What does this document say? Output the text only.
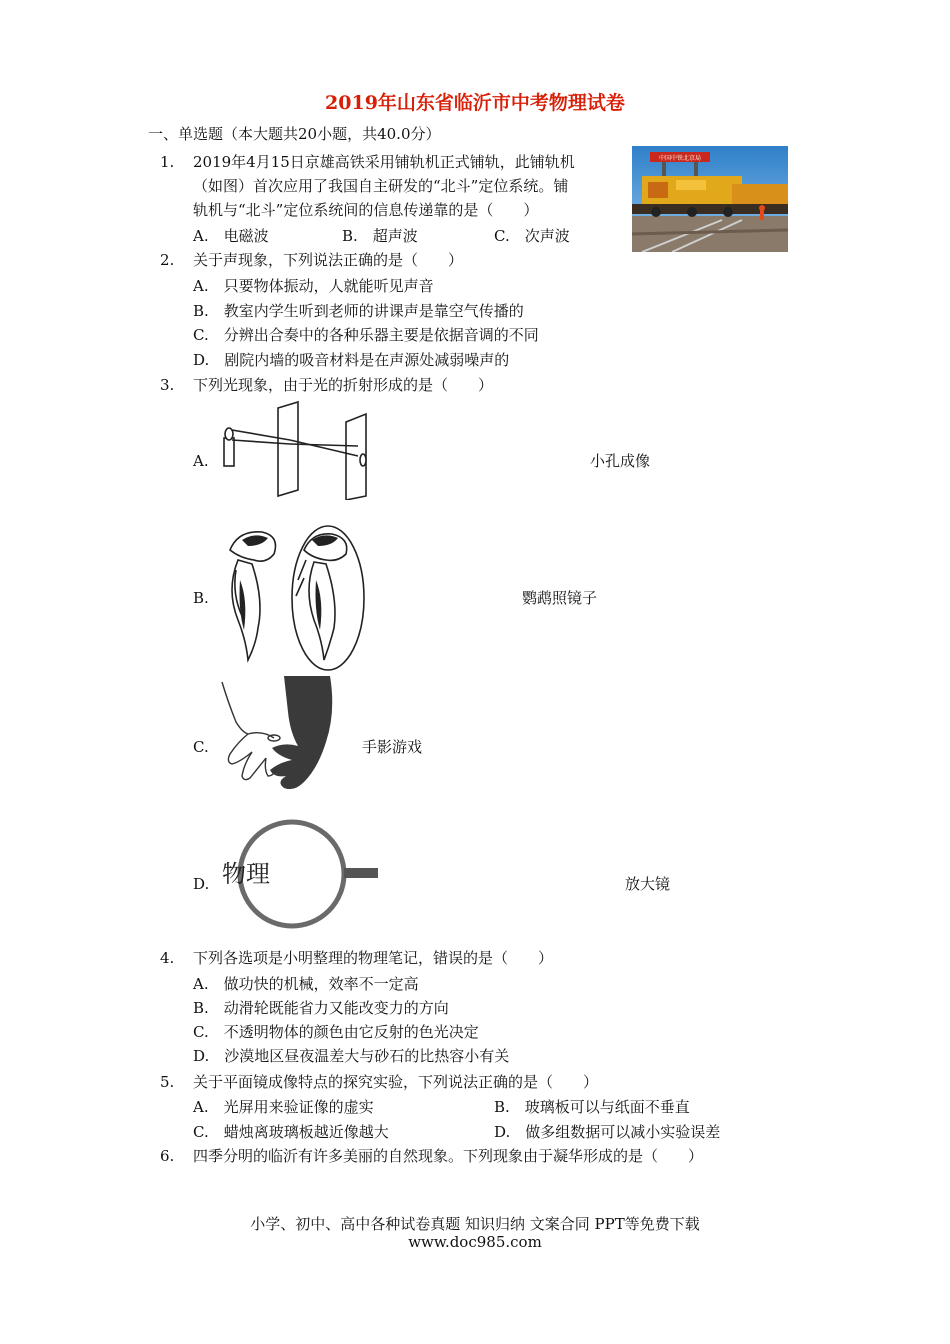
2019年山东省临沂市中考物理试卷
一、单选题（本大题共20小题，共40.0分）
1. 2019年4月15日京雄高铁采用铺轨机正式铺轨，此铺轨机
（如图）首次应用了我国自主研发的“北斗”定位系统。铺
轨机与“北斗”定位系统间的信息传递靠的是（　　）
A.　电磁波	B.　超声波	C.　次声波
中国中铁北京局
2. 关于声现象，下列说法正确的是（　　）
A.　只要物体振动，人就能听见声音
B.　教室内学生听到老师的讲课声是靠空气传播的
C.　分辨出合奏中的各种乐器主要是依据音调的不同
D.　剧院内墙的吸音材料是在声源处减弱噪声的
3. 下列光现象，由于光的折射形成的是（　　）
A.	小孔成像
B.	鹦鹉照镜子
C.	手影游戏
D. 物理	放大镜
4. 下列各选项是小明整理的物理笔记，错误的是（　　）
A.　做功快的机械，效率不一定高
B.　动滑轮既能省力又能改变力的方向
C.　不透明物体的颜色由它反射的色光决定
D.　沙漠地区昼夜温差大与砂石的比热容小有关
5. 关于平面镜成像特点的探究实验，下列说法正确的是（　　）
A.　光屏用来验证像的虚实	B.　玻璃板可以与纸面不垂直
C.　蜡烛离玻璃板越近像越大	D.　做多组数据可以减小实验误差
6. 四季分明的临沂有许多美丽的自然现象。下列现象由于凝华形成的是（　　）
小学、初中、高中各种试卷真题 知识归纳 文案合同 PPT等免费下载
www.doc985.com
